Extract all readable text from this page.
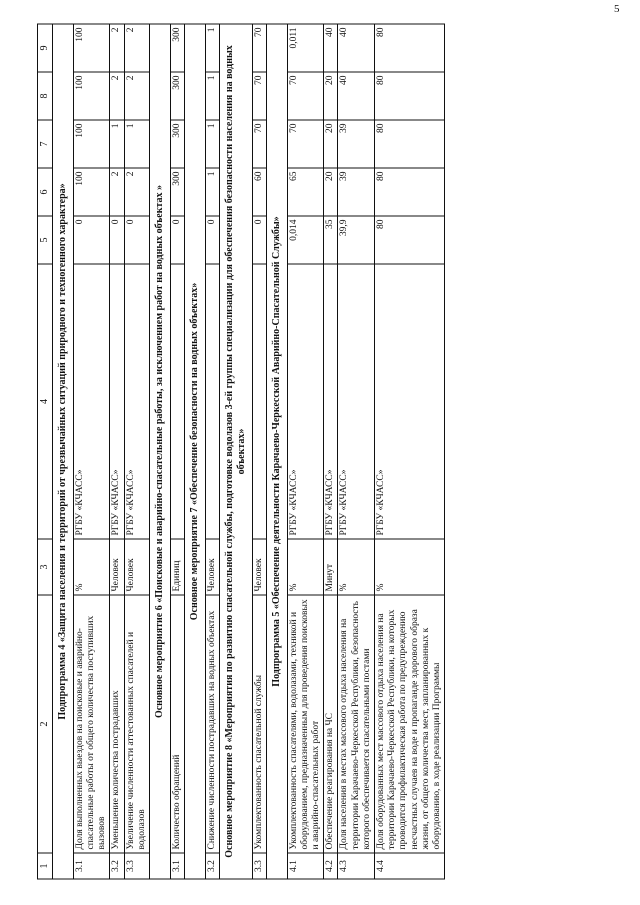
5
1	2	3	4	5	6	7	8	9
Подпрограмма 4 «Защита населения и территорий от чрезвычайных ситуаций природного и техногенного характера»								
3.1	Доля выполненных выездов на поисковые и аварийно-спасательные работы от общего количества поступивших вызовов	%	РГБУ «КЧАСС»	0	100	100	100	100
3.2	Уменьшение количества пострадавших	Человек	РГБУ «КЧАСС»	0	2	1	2	2
3.3	Увеличение численности аттестованных спасателей и водолазов	Человек	РГБУ «КЧАСС»	0	2	1	2	2
Основное мероприятие 6 «Поисковые и аварийно-спасательные работы, за исключением работ на водных объектах »								
3.1	Количество обращений	Единиц		0	300	300	300	300
Основное мероприятие 7 «Обеспечение безопасности на водных объектах»								
3.2	Снижение численности пострадавших на водных объектах	Человек		0	1	1	1	1
Основное мероприятие 8 «Мероприятия по развитию спасательной службы, подготовке водолазов 3-ей группы специализации для обеспечения безопасности населения на водных объектах»								
3.3	Укомплектованность спасательной службы	Человек		0	60	70	70	70
Подпрограмма 5 «Обеспечение деятельности Карачаево-Черкесской Аварийно-Спасательной Службы»								
4.1	Укомплектованность спасателями, водолазами, техникой и оборудованием, предназначенным для проведения поисковых и аварийно-спасательных работ	%	РГБУ «КЧАСС»	0,014	65	70	70	0,011
4.2	Обеспечение реагирования на ЧС	Минут	РГБУ «КЧАСС»	35	20	20	20	40
4.3	Доля населения в местах массового отдыха населения на территории Карачаево-Черкесской Республики, безопасность которого обеспечивается спасательными постами	%	РГБУ «КЧАСС»	39,9	39	39	40	40
4.4	Доля оборудованных мест массового отдыха населения на территории Карачаево-Черкесской Республики, на которых проводится профилактическая работа по предупреждению несчастных случаев на воде и пропаганде здорового образа жизни, от общего количества мест, запланированных к оборудованию, в ходе реализации Программы	%	РГБУ «КЧАСС»	80	80	80	80	80
